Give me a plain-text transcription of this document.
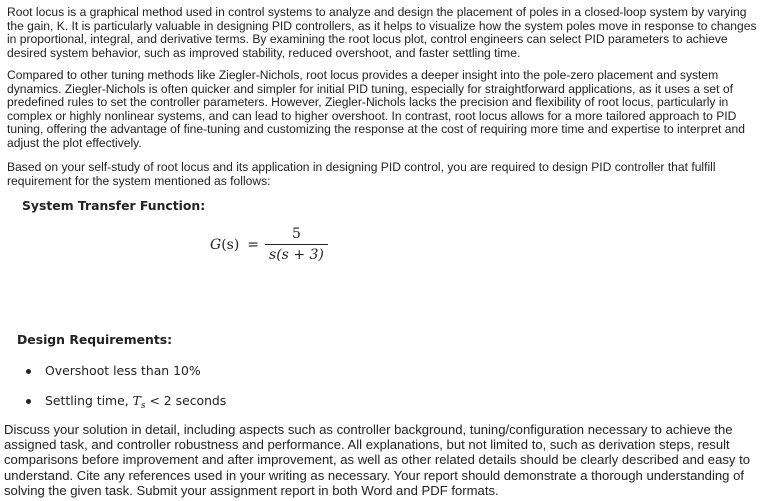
Root locus is a graphical method used in control systems to analyze and design the placement of poles in a closed-loop system by varying the gain, K. It is particularly valuable in designing PID controllers, as it helps to visualize how the system poles move in response to changes in proportional, integral, and derivative terms. By examining the root locus plot, control engineers can select PID parameters to achieve desired system behavior, such as improved stability, reduced overshoot, and faster settling time.

Compared to other tuning methods like Ziegler-Nichols, root locus provides a deeper insight into the pole-zero placement and system dynamics. Ziegler-Nichols is often quicker and simpler for initial PID tuning, especially for straightforward applications, as it uses a set of predefined rules to set the controller parameters. However, Ziegler-Nichols lacks the precision and flexibility of root locus, particularly in complex or highly nonlinear systems, and can lead to higher overshoot. In contrast, root locus allows for a more tailored approach to PID tuning, offering the advantage of fine-tuning and customizing the response at the cost of requiring more time and expertise to interpret and adjust the plot effectively.

Based on your self-study of root locus and its application in designing PID control, you are required to design PID controller that fulfill requirement for the system mentioned as follows:

System Transfer Function:
$G(s) = \frac{5}{s(s + 3)}$
Design Requirements:
Overshoot less than 10%
Settling time, $T_s < 2$ seconds

Discuss your solution in detail, including aspects such as controller background, tuning/configuration necessary to achieve the assigned task, and controller robustness and performance. All explanations, but not limited to, such as derivation steps, result comparisons before improvement and after improvement, as well as other related details should be clearly described and easy to understand. Cite any references used in your writing as necessary. Your report should demonstrate a thorough understanding of solving the given task. Submit your assignment report in both Word and PDF formats.
